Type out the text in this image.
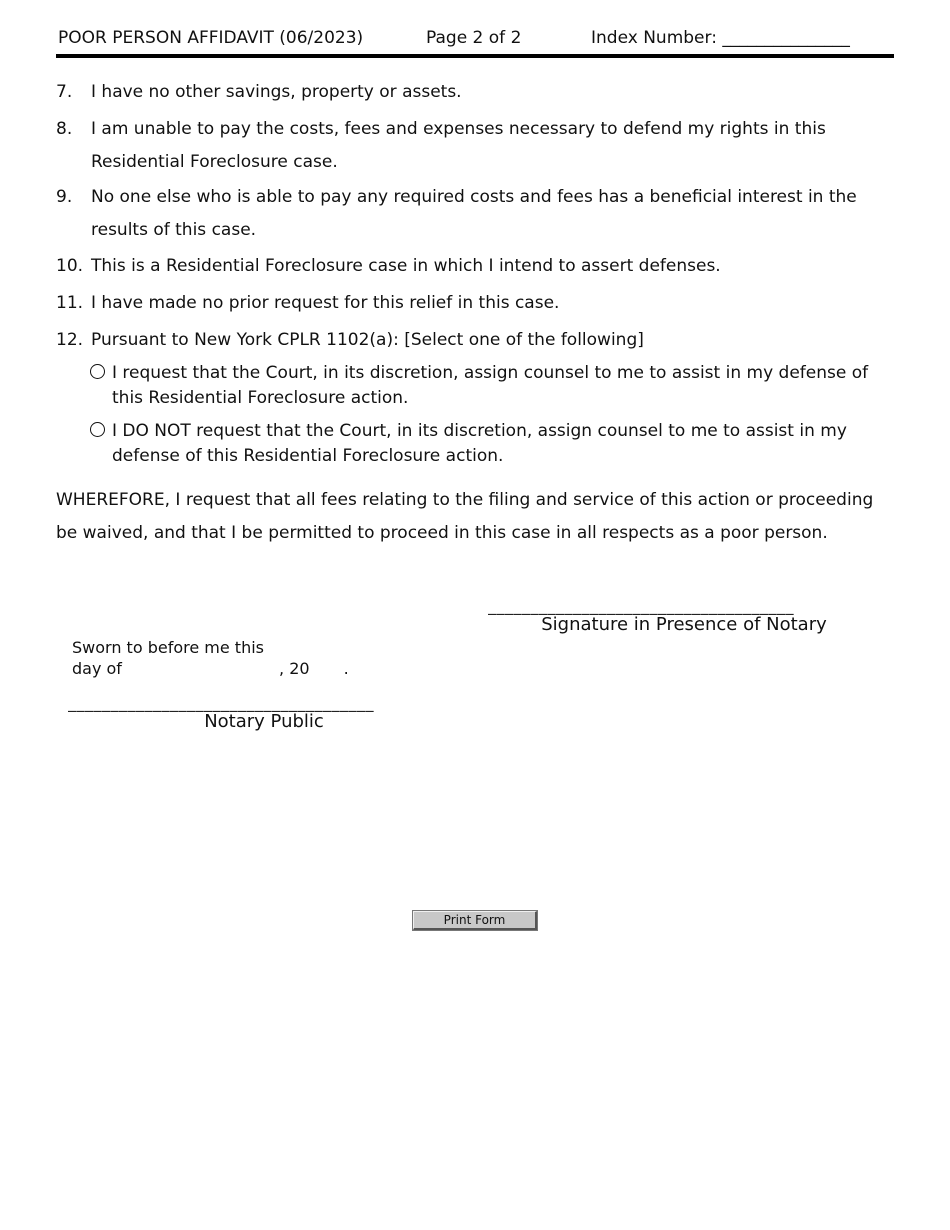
POOR PERSON AFFIDAVIT (06/2023)	Page 2 of 2	Index Number: _______________
7.	I have no other savings, property or assets.
8.	I am unable to pay the costs, fees and expenses necessary to defend my rights in this Residential Foreclosure case.
9.	No one else who is able to pay any required costs and fees has a beneficial interest in the results of this case.
10. This is a Residential Foreclosure case in which I intend to assert defenses.
11. I have made no prior request for this relief in this case.
12. Pursuant to New York CPLR 1102(a): [Select one of the following]
I request that the Court, in its discretion, assign counsel to me to assist in my defense of this Residential Foreclosure action.
I DO NOT request that the Court, in its discretion, assign counsel to me to assist in my defense of this Residential Foreclosure action.
WHEREFORE, I request that all fees relating to the filing and service of this action or proceeding be waived, and that I be permitted to proceed in this case in all respects as a poor person.
____________________________________
Signature in Presence of Notary
Sworn to before me this
day of	, 20 .
____________________________________
Notary Public
Print Form
